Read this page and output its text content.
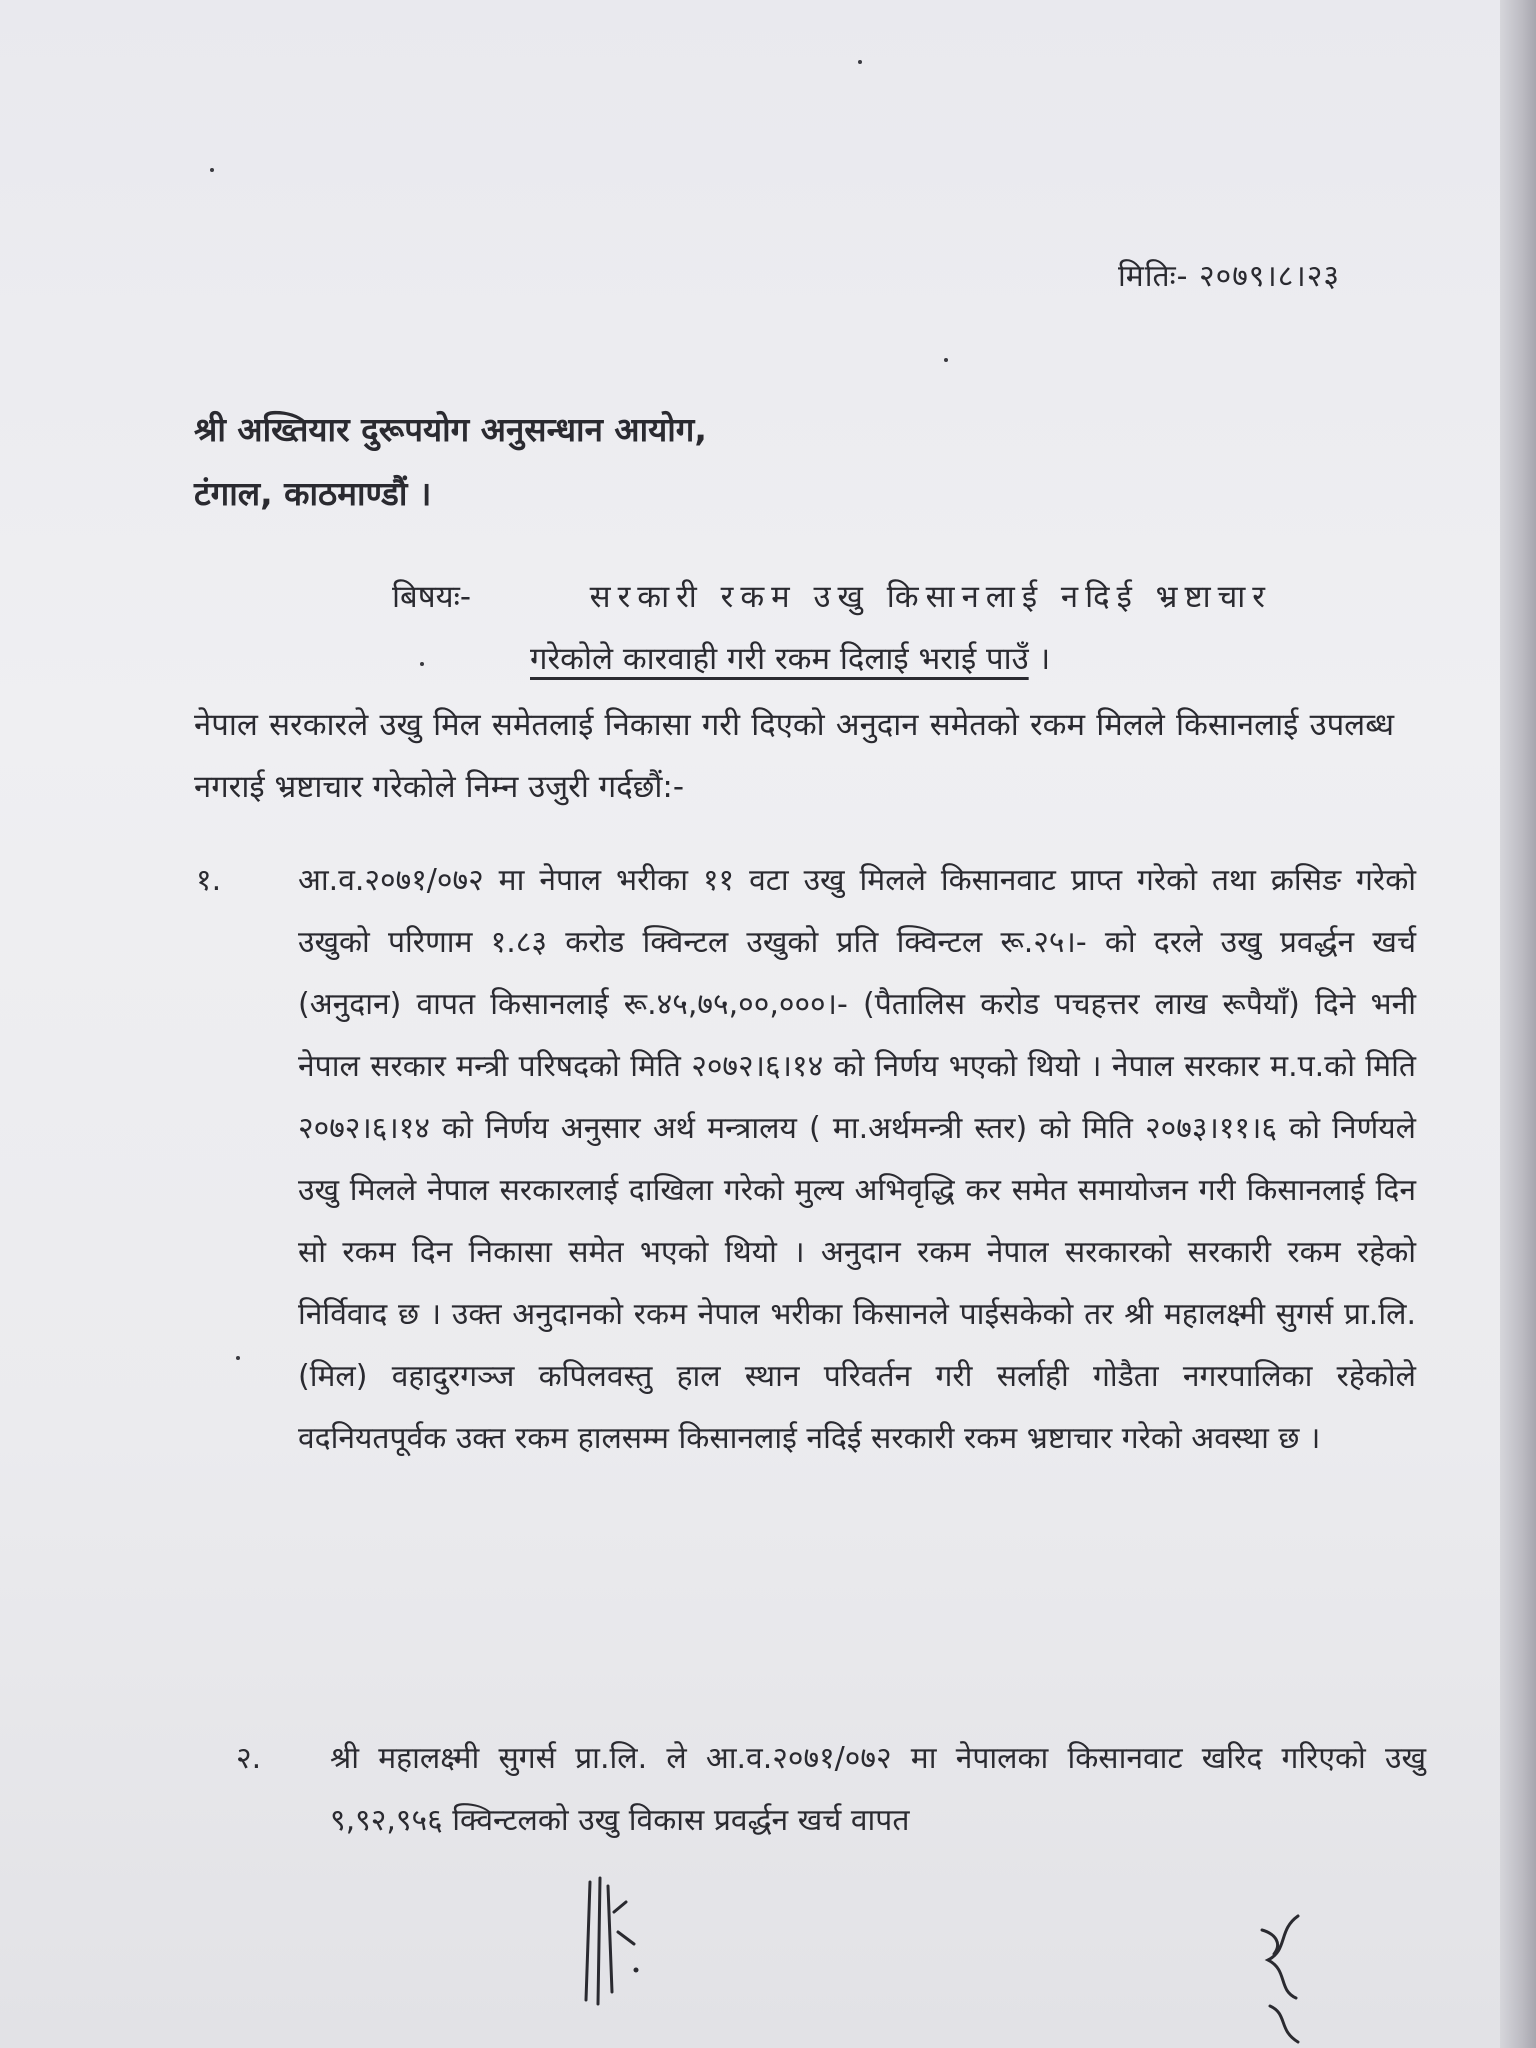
मितिः- २०७९।८।२३
श्री अख्तियार दुरूपयोग अनुसन्धान आयोग,
टंगाल, काठमाण्डौं ।
बिषयः-	सरकारी रकम उखु किसानलाई नदिई भ्रष्टाचार
गरेकोले कारवाही गरी रकम दिलाई भराई पाउँ ।
नेपाल सरकारले उखु मिल समेतलाई निकासा गरी दिएको अनुदान समेतको रकम मिलले किसानलाई उपलब्ध नगराई भ्रष्टाचार गरेकोले निम्न उजुरी गर्दछौं:-
१.	आ.व.२०७१/०७२ मा नेपाल भरीका ११ वटा उखु मिलले किसानवाट प्राप्त गरेको तथा क्रसिङ गरेको उखुको परिणाम १.८३ करोड क्विन्टल उखुको प्रति क्विन्टल रू.२५।- को दरले उखु प्रवर्द्धन खर्च (अनुदान) वापत किसानलाई रू.४५,७५,००,०००।- (पैतालिस करोड पचहत्तर लाख रूपैयाँ) दिने भनी नेपाल सरकार मन्त्री परिषदको मिति २०७२।६।१४ को निर्णय भएको थियो । नेपाल सरकार म.प.को मिति २०७२।६।१४ को निर्णय अनुसार अर्थ मन्त्रालय ( मा.अर्थमन्त्री स्तर) को मिति २०७३।११।६ को निर्णयले उखु मिलले नेपाल सरकारलाई दाखिला गरेको मुल्य अभिवृद्धि कर समेत समायोजन गरी किसानलाई दिन सो रकम दिन निकासा समेत भएको थियो । अनुदान रकम नेपाल सरकारको सरकारी रकम रहेको निर्विवाद छ । उक्त अनुदानको रकम नेपाल भरीका किसानले पाईसकेको तर श्री महालक्ष्मी सुगर्स प्रा.लि. (मिल) वहादुरगञ्ज कपिलवस्तु हाल स्थान परिवर्तन गरी सर्लाही गोडैता नगरपालिका रहेकोले वदनियतपूर्वक उक्त रकम हालसम्म किसानलाई नदिई सरकारी रकम भ्रष्टाचार गरेको अवस्था छ ।
२. श्री महालक्ष्मी सुगर्स प्रा.लि. ले आ.व.२०७१/०७२ मा नेपालका किसानवाट खरिद गरिएको उखु ९,९२,९५६ क्विन्टलको उखु विकास प्रवर्द्धन खर्च वापत
